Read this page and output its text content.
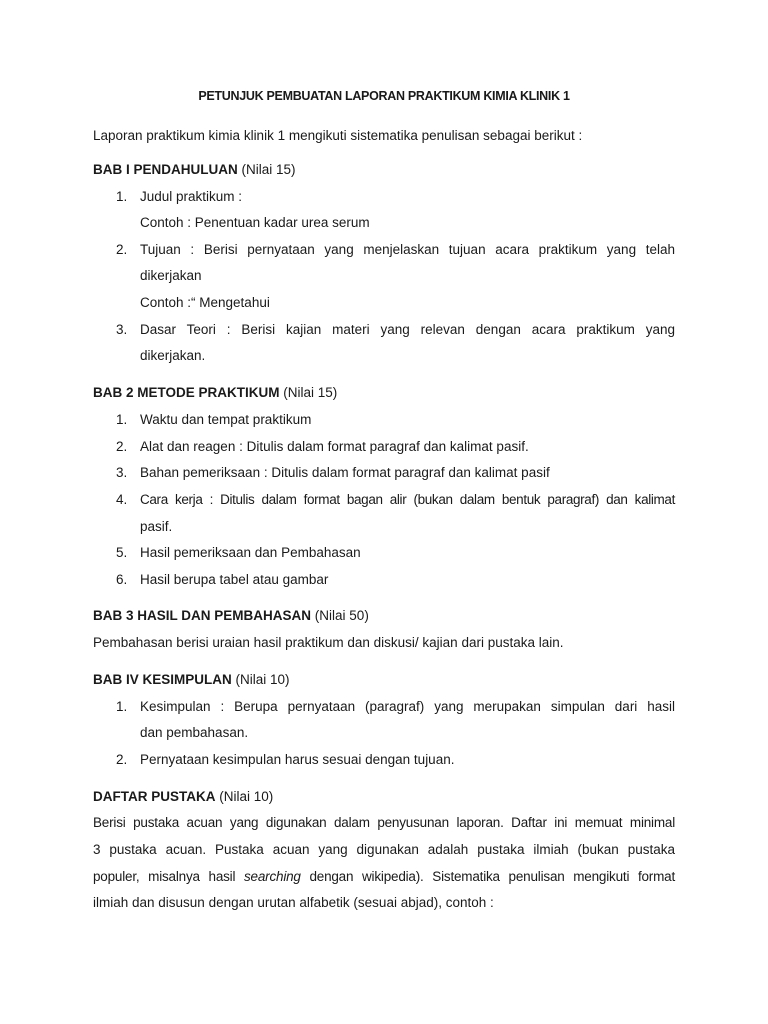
PETUNJUK PEMBUATAN LAPORAN PRAKTIKUM KIMIA KLINIK 1
Laporan praktikum kimia klinik 1 mengikuti sistematika penulisan sebagai berikut :
BAB I PENDAHULUAN (Nilai 15)
1. Judul praktikum :
Contoh : Penentuan kadar urea serum
2. Tujuan : Berisi pernyataan yang menjelaskan tujuan acara praktikum yang telah
dikerjakan
Contoh :“ Mengetahui
3. Dasar Teori : Berisi kajian materi yang relevan dengan acara praktikum yang
dikerjakan.
BAB 2 METODE PRAKTIKUM (Nilai 15)
1. Waktu dan tempat praktikum
2. Alat dan reagen : Ditulis dalam format paragraf dan kalimat pasif.
3. Bahan pemeriksaan : Ditulis dalam format paragraf dan kalimat pasif
4. Cara kerja : Ditulis dalam format bagan alir (bukan dalam bentuk paragraf) dan kalimat
pasif.
5. Hasil pemeriksaan dan Pembahasan
6. Hasil berupa tabel atau gambar
BAB 3 HASIL DAN PEMBAHASAN (Nilai 50)
Pembahasan berisi uraian hasil praktikum dan diskusi/ kajian dari pustaka lain.
BAB IV KESIMPULAN (Nilai 10)
1. Kesimpulan : Berupa pernyataan (paragraf) yang merupakan simpulan dari hasil
dan pembahasan.
2. Pernyataan kesimpulan harus sesuai dengan tujuan.
DAFTAR PUSTAKA (Nilai 10)
Berisi pustaka acuan yang digunakan dalam penyusunan laporan. Daftar ini memuat minimal
3 pustaka acuan. Pustaka acuan yang digunakan adalah pustaka ilmiah (bukan pustaka
populer, misalnya hasil searching dengan wikipedia). Sistematika penulisan mengikuti format
ilmiah dan disusun dengan urutan alfabetik (sesuai abjad), contoh :
